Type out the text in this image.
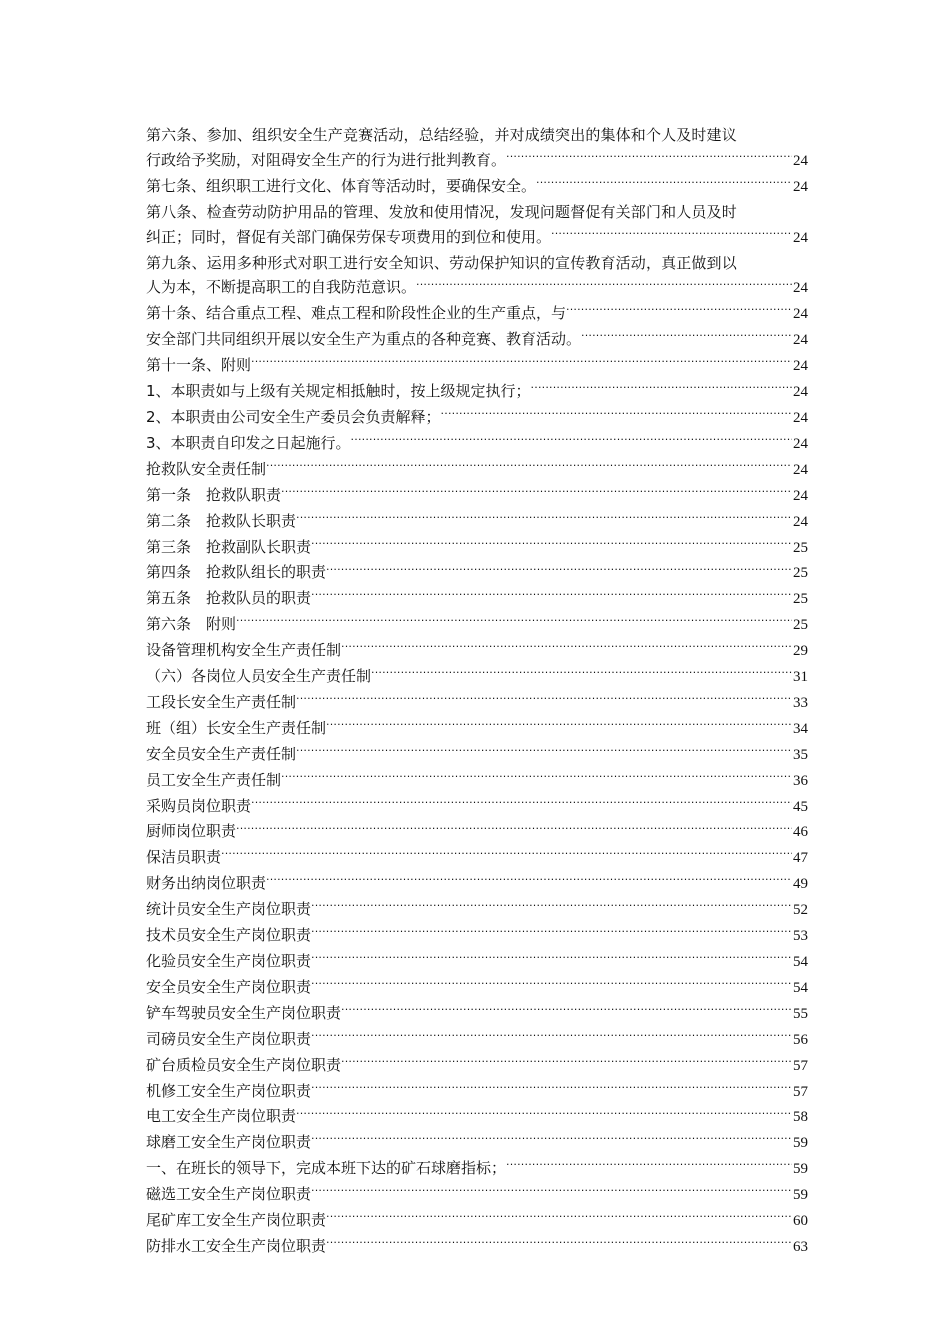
第六条、参加、组织安全生产竞赛活动，总结经验，并对成绩突出的集体和个人及时建议
行政给予奖励，对阻碍安全生产的行为进行批判教育。 .....	24
第七条、组织职工进行文化、体育等活动时，要确保安全。 .....	24
第八条、检查劳动防护用品的管理、发放和使用情况，发现问题督促有关部门和人员及时
纠正；同时，督促有关部门确保劳保专项费用的到位和使用。 .....	24
第九条、运用多种形式对职工进行安全知识、劳动保护知识的宣传教育活动，真正做到以
人为本，不断提高职工的自我防范意识。 .....	24
第十条、结合重点工程、难点工程和阶段性企业的生产重点，与 .....	24
安全部门共同组织开展以安全生产为重点的各种竞赛、教育活动。 .....	24
第十一条、附则 .....	24
1、本职责如与上级有关规定相抵触时，按上级规定执行； .....	24
2、本职责由公司安全生产委员会负责解释； .....	24
3、本职责自印发之日起施行。 .....	24
抢救队安全责任制 .....	24
第一条　抢救队职责 .....	24
第二条　抢救队长职责 .....	24
第三条　抢救副队长职责 .....	25
第四条　抢救队组长的职责 .....	25
第五条　抢救队员的职责 .....	25
第六条　附则 .....	25
设备管理机构安全生产责任制 .....	29
（六）各岗位人员安全生产责任制 .....	31
工段长安全生产责任制 .....	33
班（组）长安全生产责任制 .....	34
安全员安全生产责任制 .....	35
员工安全生产责任制 .....	36
采购员岗位职责 .....	45
厨师岗位职责 .....	46
保洁员职责 .....	47
财务出纳岗位职责 .....	49
统计员安全生产岗位职责 .....	52
技术员安全生产岗位职责 .....	53
化验员安全生产岗位职责 .....	54
安全员安全生产岗位职责 .....	54
铲车驾驶员安全生产岗位职责 .....	55
司磅员安全生产岗位职责 .....	56
矿台质检员安全生产岗位职责 .....	57
机修工安全生产岗位职责 .....	57
电工安全生产岗位职责 .....	58
球磨工安全生产岗位职责 .....	59
一、在班长的领导下，完成本班下达的矿石球磨指标； .....	59
磁选工安全生产岗位职责 .....	59
尾矿库工安全生产岗位职责 .....	60
防排水工安全生产岗位职责 .....	63
